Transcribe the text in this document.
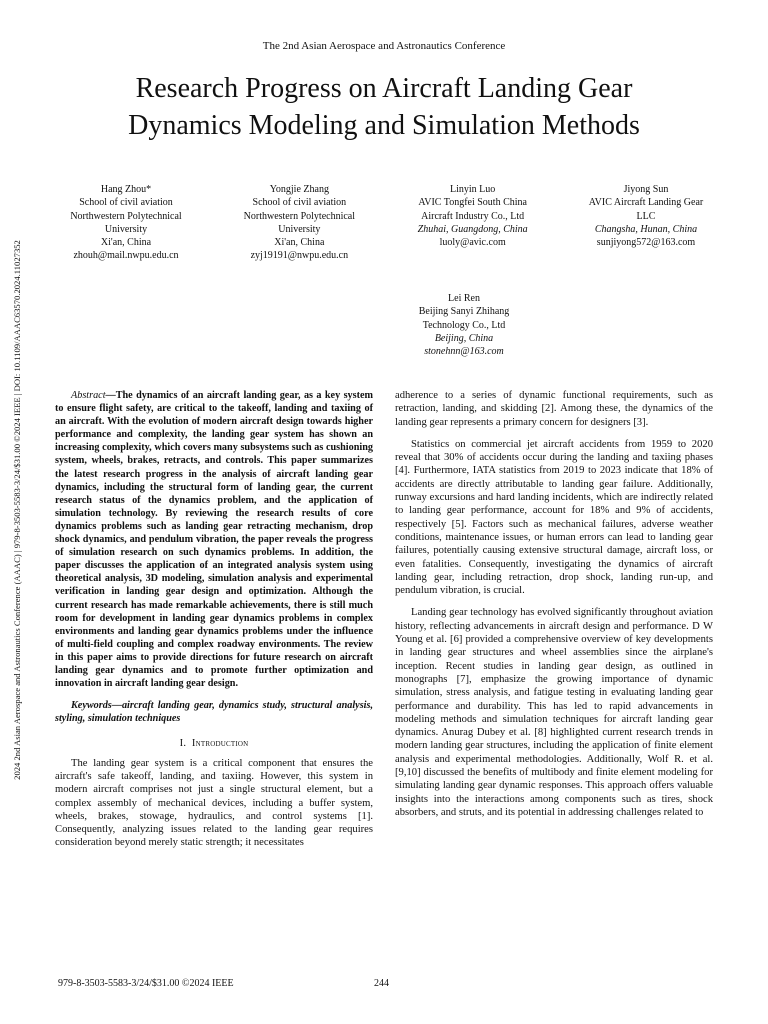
The 2nd Asian Aerospace and Astronautics Conference
Research Progress on Aircraft Landing Gear
Dynamics Modeling and Simulation Methods
2024 2nd Asian Aerospace and Astronautics Conference (AAAC) | 979-8-3503-5583-3/24/$31.00 ©2024 IEEE | DOI: 10.1109/AAAC63570.2024.11027352
Hang Zhou*
School of civil aviation
Northwestern Polytechnical
University
Xi'an, China
zhouh@mail.nwpu.edu.cn
Yongjie Zhang
School of civil aviation
Northwestern Polytechnical
University
Xi'an, China
zyj19191@nwpu.edu.cn
Linyin Luo
AVIC Tongfei South China
Aircraft Industry Co., Ltd
Zhuhai, Guangdong, China
luoly@avic.com
Jiyong Sun
AVIC Aircraft Landing Gear
LLC
Changsha, Hunan, China
sunjiyong572@163.com
Lei Ren
Beijing Sanyi Zhihang
Technology Co., Ltd
Beijing, China
stonehnn@163.com

Abstract—The dynamics of an aircraft landing gear, as a key system to ensure flight safety, are critical to the takeoff, landing and taxiing of an aircraft. With the evolution of modern aircraft design towards higher performance and complexity, the landing gear system has shown an increasing complexity, which covers many subsystems such as cushioning system, wheels, brakes, retracts, and controls. This paper summarizes the latest research progress in the analysis of aircraft landing gear dynamics, including the structural form of landing gear, the current research status of the dynamics problem, and the application of simulation technology. By reviewing the research results of core dynamics problems such as landing gear retracting mechanism, drop shock dynamics, and pendulum vibration, the paper reveals the progress of simulation research on such dynamics problems. In addition, the paper discusses the application of an integrated analysis system using theoretical analysis, 3D modeling, simulation analysis and experimental verification in landing gear design and optimization. Although the current research has made remarkable achievements, there is still much room for development in landing gear dynamics problems in complex environments and landing gear dynamics problems under the influence of multi-field coupling and complex roadway environments. The review in this paper aims to provide directions for future research on aircraft landing gear dynamics and to promote further optimization and innovation in aircraft landing gear design.

Keywords—aircraft landing gear, dynamics study, structural analysis, styling, simulation techniques

I. Introduction

The landing gear system is a critical component that ensures the aircraft's safe takeoff, landing, and taxiing. However, this system in modern aircraft comprises not just a single structural element, but a complex assembly of mechanical devices, including a buffer system, wheels, brakes, stowage, hydraulics, and control systems [1]. Consequently, analyzing issues related to the landing gear requires consideration beyond merely static strength; it necessitates

adherence to a series of dynamic functional requirements, such as retraction, landing, and skidding [2]. Among these, the dynamics of the landing gear represents a primary concern for designers [3].

Statistics on commercial jet aircraft accidents from 1959 to 2020 reveal that 30% of accidents occur during the landing and taxiing phases [4]. Furthermore, IATA statistics from 2019 to 2023 indicate that 18% of accidents are directly attributable to landing gear failure. Additionally, runway excursions and hard landing incidents, which are indirectly related to landing gear performance, account for 18% and 9% of accidents, respectively [5]. Factors such as mechanical failures, adverse weather conditions, maintenance issues, or human errors can lead to landing gear failures, potentially causing extensive structural damage, aircraft loss, or even fatalities. Consequently, investigating the dynamics of aircraft landing gear, including retraction, drop shock, landing run-up, and pendulum vibration, is crucial.

Landing gear technology has evolved significantly throughout aviation history, reflecting advancements in aircraft design and performance. D W Young et al. [6] provided a comprehensive overview of key developments in landing gear structures and wheel assemblies since the airplane's inception. Recent studies in landing gear design, as outlined in monographs [7], emphasize the growing importance of dynamic simulation, stress analysis, and fatigue testing in evaluating landing gear performance and durability. This has led to rapid advancements in modeling methods and simulation techniques for aircraft landing gear dynamics. Anurag Dubey et al. [8] highlighted current research trends in modern landing gear structures, including the application of finite element analysis and experimental methodologies. Additionally, Wolf R. et al. [9,10] discussed the benefits of multibody and finite element modeling for simulating landing gear dynamic responses. This approach offers valuable insights into the interactions among components such as tires, shock absorbers, and struts, and its potential in addressing challenges related to

979-8-3503-5583-3/24/$31.00 ©2024 IEEE	244
